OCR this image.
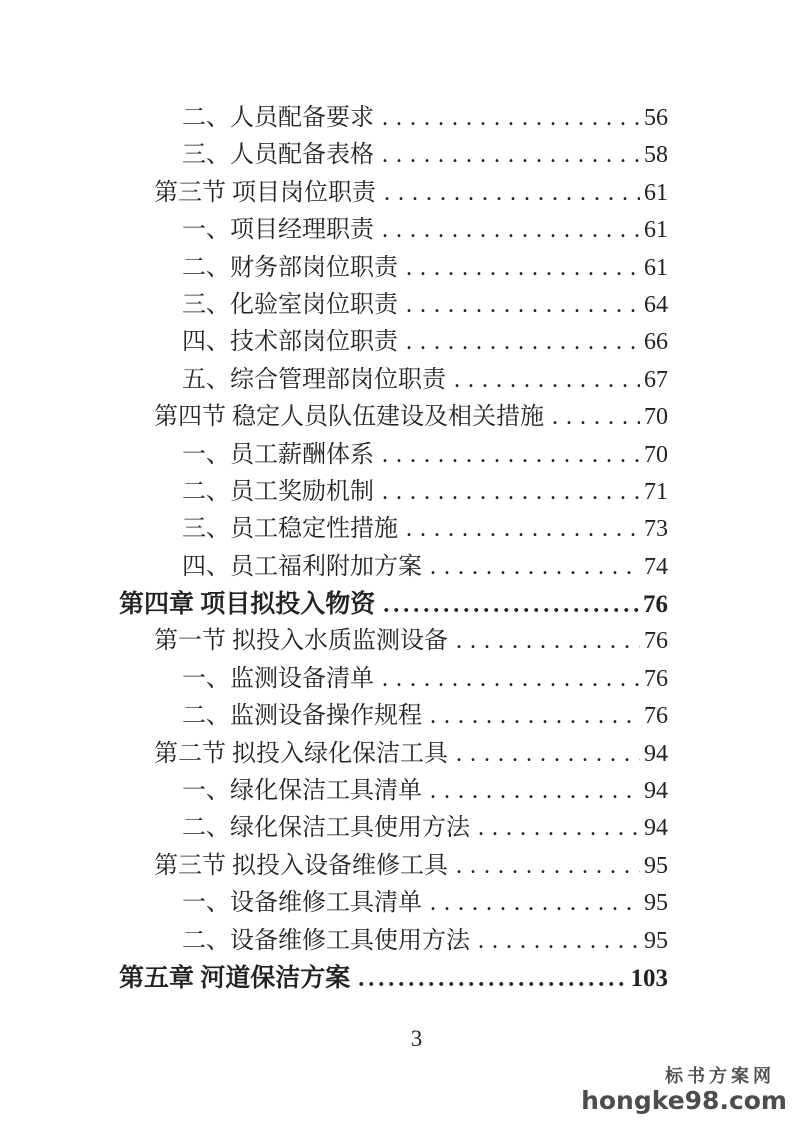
二、人员配备要求 . . .	56
三、人员配备表格 . . .	58
第三节 项目岗位职责 . . .	61
一、项目经理职责 . . .	61
二、财务部岗位职责 . . .	61
三、化验室岗位职责 . . .	64
四、技术部岗位职责 . . .	66
五、综合管理部岗位职责 . . .	67
第四节 稳定人员队伍建设及相关措施 . . .	70
一、员工薪酬体系 . . .	70
二、员工奖励机制 . . .	71
三、员工稳定性措施 . . .	73
四、员工福利附加方案 . . .	74
第四章 项目拟投入物资 .....	76
第一节 拟投入水质监测设备 . . .	76
一、监测设备清单 . . .	76
二、监测设备操作规程 . . .	76
第二节 拟投入绿化保洁工具 . . .	94
一、绿化保洁工具清单 . . .	94
二、绿化保洁工具使用方法 . . .	94
第三节 拟投入设备维修工具 . . .	95
一、设备维修工具清单 . . .	95
二、设备维修工具使用方法 . . .	95
第五章 河道保洁方案 .....	103
3
标书方案网
hongke98.com
